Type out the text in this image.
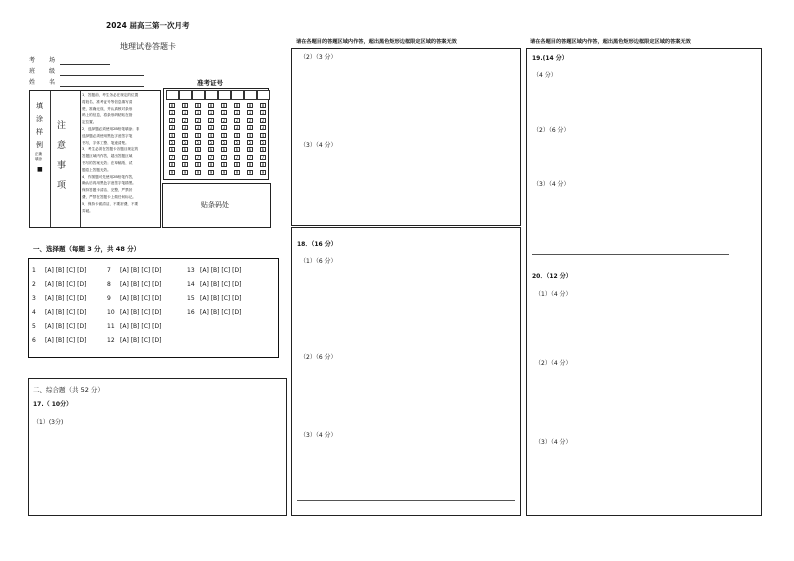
2024 届高三第一次月考
地理试卷答题卡
考 场
班 级
姓 名
填
涂
样
例
正确
填涂
■
注
意
事
项
1．答题前，考生务必在规定的位置
将姓名、准考证号等信息填写清
楚，准确无误，并认真核对条形
码上的信息，将条形码粘贴在指
定位置。
2．选择题必须使用2B铅笔填涂；非
选择题必须使用黑色字迹签字笔
书写，字体工整、笔迹清楚。
3．考生必须在答题卡各题目规定的
答题区域内作答，超出答题区域
书写的答案无效；在草稿纸、试
题卷上答题无效。
4．作图题可先使用2B铅笔作答，
确认后再用黑色字迹签字笔描黑。
保持答题卡清洁、完整，严禁折
叠，严禁在答题卡上做任何标记。
5．保持卡面清洁，不要折叠，不要
弄破。
准考证号
0
1
2
3
4
5
6
7
8
9
0
1
2
3
4
5
6
7
8
9
0
1
2
3
4
5
6
7
8
9
0
1
2
3
4
5
6
7
8
9
0
1
2
3
4
5
6
7
8
9
0
1
2
3
4
5
6
7
8
9
0
1
2
3
4
5
6
7
8
9
0
1
2
3
4
5
6
7
8
9
贴条码处
一、选择题（每题 3 分，共 48 分）
1 [A] [B] [C] [D]
2 [A] [B] [C] [D]
3 [A] [B] [C] [D]
4 [A] [B] [C] [D]
5 [A] [B] [C] [D]
6 [A] [B] [C] [D]
7 [A] [B] [C] [D]
8 [A] [B] [C] [D]
9 [A] [B] [C] [D]
10 [A] [B] [C] [D]
11 [A] [B] [C] [D]
12 [A] [B] [C] [D]
13 [A] [B] [C] [D]
14 [A] [B] [C] [D]
15 [A] [B] [C] [D]
16 [A] [B] [C] [D]
二、综合题（共 52 分）
17.（ 10分）
（1）(3分)
请在各题目的答题区域内作答，超出黑色矩形边框限定区域的答案无效
（2）（3 分）
（3）（4 分）
18．（16 分）
（1）（6 分）
（2）（6 分）
（3）（4 分）
请在各题目的答题区域内作答，超出黑色矩形边框限定区域的答案无效
19.(14 分）
（4 分）
（2）（6 分）
（3）（4 分）
20．（12 分）
（1）（4 分）
（2）（4 分）
（3）（4 分）
